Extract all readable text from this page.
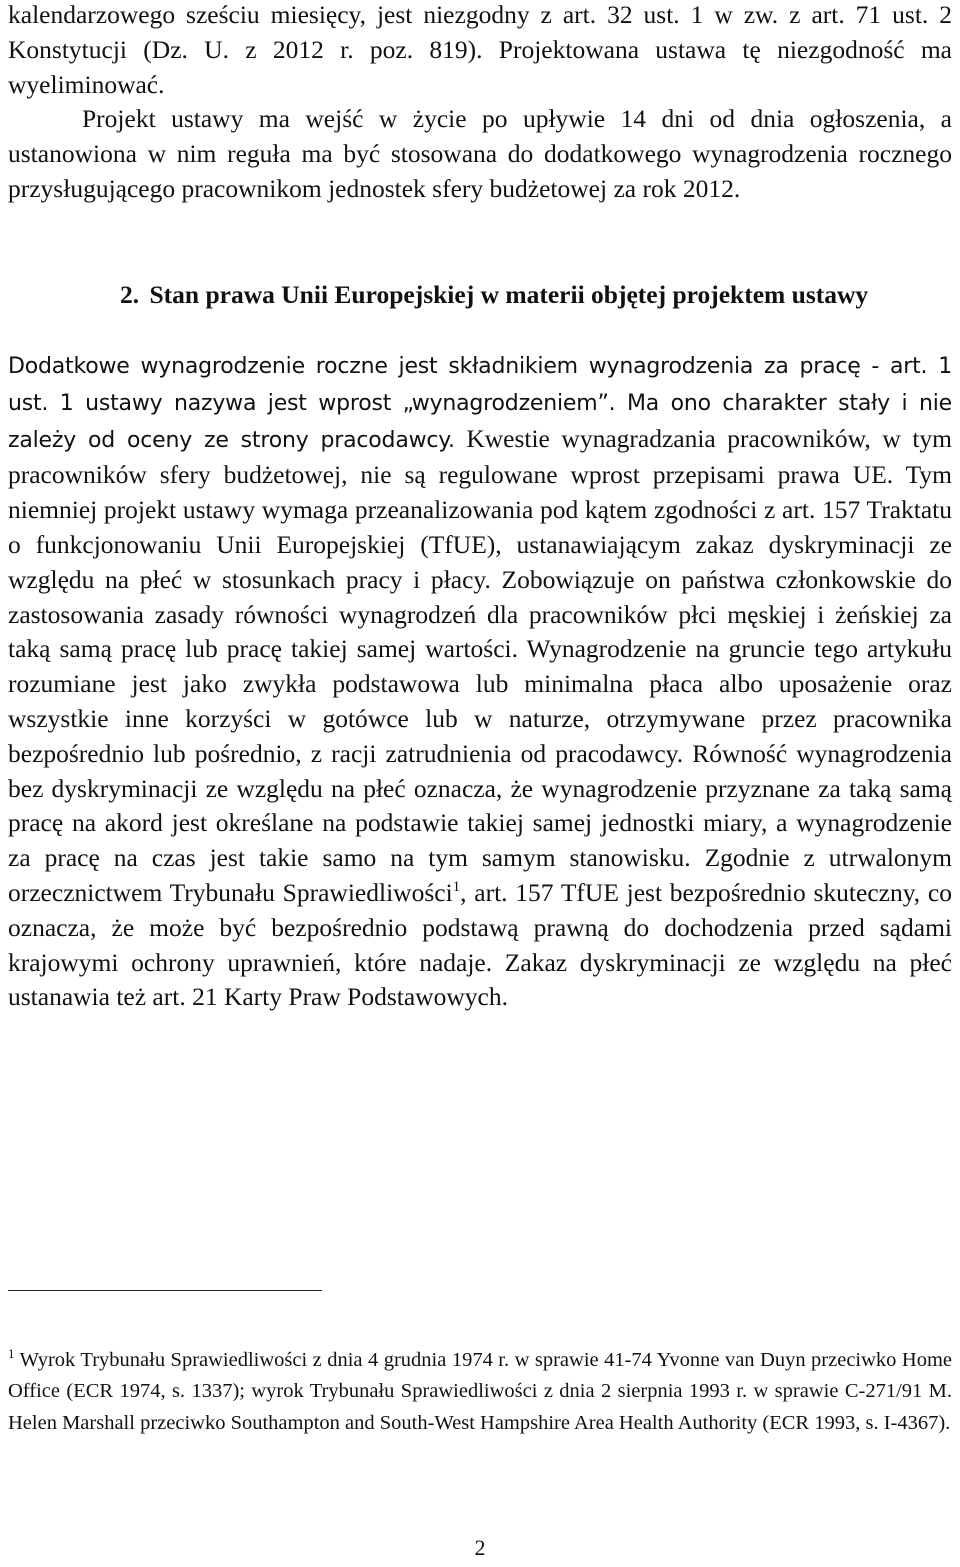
kalendarzowego sześciu miesięcy, jest niezgodny z art. 32 ust. 1 w zw. z art. 71 ust. 2 Konstytucji (Dz. U. z 2012 r. poz. 819). Projektowana ustawa tę niezgodność ma wyeliminować.

Projekt ustawy ma wejść w życie po upływie 14 dni od dnia ogłoszenia, a ustanowiona w nim reguła ma być stosowana do dodatkowego wynagrodzenia rocznego przysługującego pracownikom jednostek sfery budżetowej za rok 2012.

2. Stan prawa Unii Europejskiej w materii objętej projektem ustawy

Dodatkowe wynagrodzenie roczne jest składnikiem wynagrodzenia za pracę - art. 1 ust. 1 ustawy nazywa jest wprost „wynagrodzeniem”. Ma ono charakter stały i nie zależy od oceny ze strony pracodawcy. Kwestie wynagradzania pracowników, w tym pracowników sfery budżetowej, nie są regulowane wprost przepisami prawa UE. Tym niemniej projekt ustawy wymaga przeanalizowania pod kątem zgodności z art. 157 Traktatu o funkcjonowaniu Unii Europejskiej (TfUE), ustanawiającym zakaz dyskryminacji ze względu na płeć w stosunkach pracy i płacy. Zobowiązuje on państwa członkowskie do zastosowania zasady równości wynagrodzeń dla pracowników płci męskiej i żeńskiej za taką samą pracę lub pracę takiej samej wartości. Wynagrodzenie na gruncie tego artykułu rozumiane jest jako zwykła podstawowa lub minimalna płaca albo uposażenie oraz wszystkie inne korzyści w gotówce lub w naturze, otrzymywane przez pracownika bezpośrednio lub pośrednio, z racji zatrudnienia od pracodawcy. Równość wynagrodzenia bez dyskryminacji ze względu na płeć oznacza, że wynagrodzenie przyznane za taką samą pracę na akord jest określane na podstawie takiej samej jednostki miary, a wynagrodzenie za pracę na czas jest takie samo na tym samym stanowisku. Zgodnie z utrwalonym orzecznictwem Trybunału Sprawiedliwości$^1$, art. 157 TfUE jest bezpośrednio skuteczny, co oznacza, że może być bezpośrednio podstawą prawną do dochodzenia przed sądami krajowymi ochrony uprawnień, które nadaje. Zakaz dyskryminacji ze względu na płeć ustanawia też art. 21 Karty Praw Podstawowych.

$^1$ Wyrok Trybunału Sprawiedliwości z dnia 4 grudnia 1974 r. w sprawie 41-74 Yvonne van Duyn przeciwko Home Office (ECR 1974, s. 1337); wyrok Trybunału Sprawiedliwości z dnia 2 sierpnia 1993 r. w sprawie C-271/91 M. Helen Marshall przeciwko Southampton and South-West Hampshire Area Health Authority (ECR 1993, s. I-4367).

2
